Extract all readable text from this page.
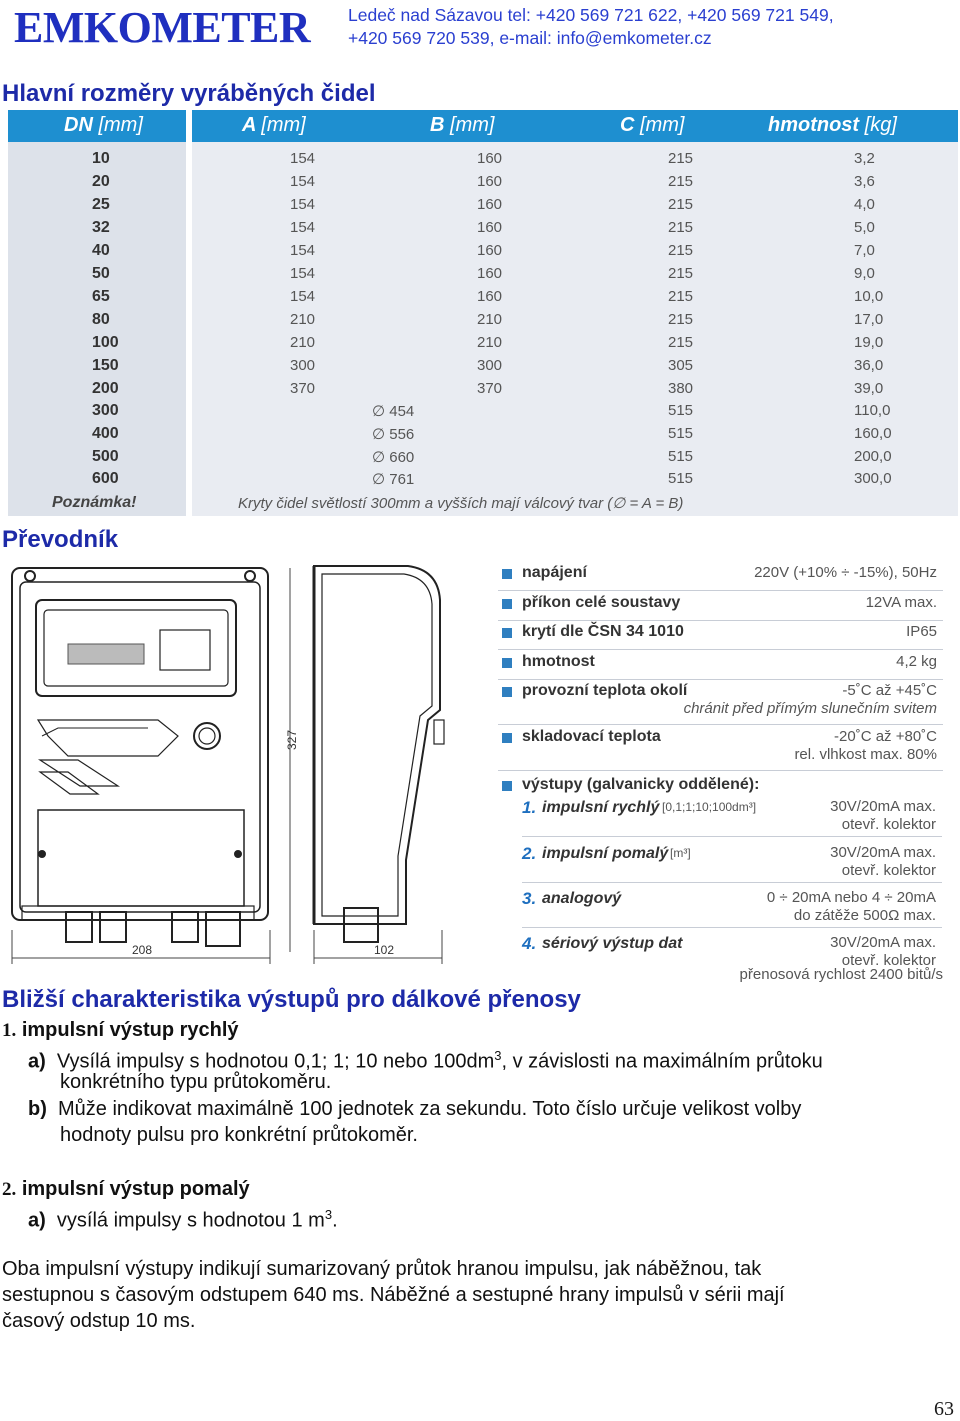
EMKOMETER Ledeč nad Sázavou tel: +420 569 721 622, +420 569 721 549,
+420 569 720 539, e-mail: info@emkometer.cz
Hlavní rozměry vyráběných čidel
DN [mm]	A [mm]	B [mm]	C [mm]	hmotnost [kg]
10	154	160	215	3,2
20	154	160	215	3,6
25	154	160	215	4,0
32	154	160	215	5,0
40	154	160	215	7,0
50	154	160	215	9,0
65	154	160	215	10,0
80	210	210	215	17,0
100	210	210	215	19,0
150	300	300	305	36,0
200	370	370	380	39,0
300	∅ 454	515	110,0
400	∅ 556	515	160,0
500	∅ 660	515	200,0
600	∅ 761	515	300,0
Poznámka!	Kryty čidel světlostí 300mm a vyšších mají válcový tvar (∅ = A = B)
Převodník
327
208	102
napájení	220V (+10% ÷ -15%), 50Hz
příkon celé soustavy	12VA max.
krytí dle ČSN 34 1010	IP65
hmotnost	4,2 kg
provozní teplota okolí	-5˚C až +45˚C
chránit před přímým slunečním svitem
skladovací teplota	-20˚C až +80˚C
rel. vlhkost max. 80%
výstupy (galvanicky oddělené):
1. impulsní rychlý [0,1;1;10;100dm³]	30V/20mA max.
otevř. kolektor
2. impulsní pomalý [m³]	30V/20mA max.
otevř. kolektor
3. analogový	0 ÷ 20mA nebo 4 ÷ 20mA
do zátěže 500Ω max.
4. sériový výstup dat	30V/20mA max.
otevř. kolektor
přenosová rychlost 2400 bitů/s
Bližší charakteristika výstupů pro dálkové přenosy
1. impulsní výstup rychlý
a) Vysílá impulsy s hodnotou 0,1; 1; 10 nebo $100dm^3$, v závislosti na maximálním průtoku
konkrétního typu průtokoměru.
b) Může indikovat maximálně 100 jednotek za sekundu. Toto číslo určuje velikost volby
hodnoty pulsu pro konkrétní průtokoměr.
2. impulsní výstup pomalý
a) vysílá impulsy s hodnotou 1 $m^3$.
Oba impulsní výstupy indikují sumarizovaný průtok hranou impulsu, jak náběžnou, tak
sestupnou s časovým odstupem 640 ms. Náběžné a sestupné hrany impulsů v sérii mají
časový odstup 10 ms.
63
